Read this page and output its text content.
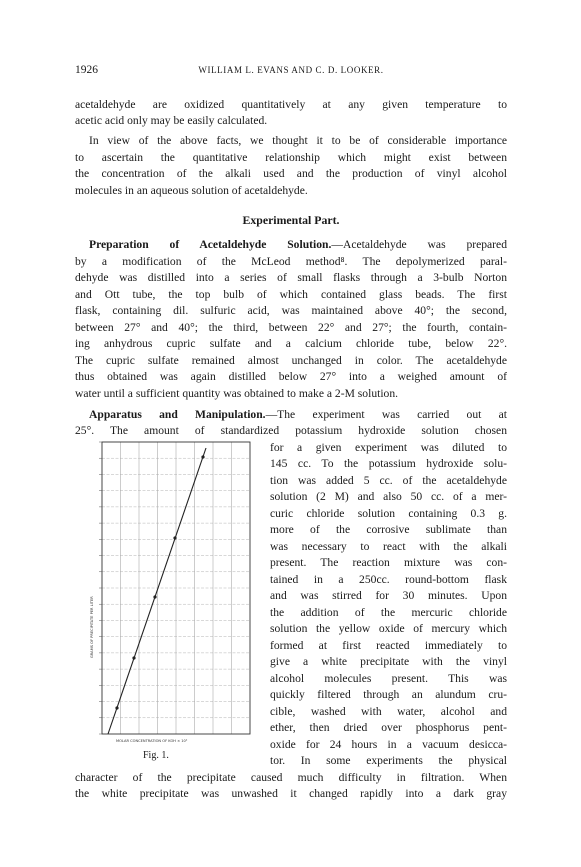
1926	WILLIAM L. EVANS AND C. D. LOOKER.
acetaldehyde are oxidized quantitatively at any given temperature to
acetic acid only may be easily calculated.
In view of the above facts, we thought it to be of considerable importance
to ascertain the quantitative relationship which might exist between
the concentration of the alkali used and the production of vinyl alcohol
molecules in an aqueous solution of acetaldehyde.
Experimental Part.
Preparation of Acetaldehyde Solution.—Acetaldehyde was prepared
by a modification of the McLeod method⁸. The depolymerized paral-
dehyde was distilled into a series of small flasks through a 3-bulb Norton
and Ott tube, the top bulb of which contained glass beads. The first
flask, containing dil. sulfuric acid, was maintained above 40°; the second,
between 27° and 40°; the third, between 22° and 27°; the fourth, contain-
ing anhydrous cupric sulfate and a calcium chloride tube, below 22°.
The cupric sulfate remained almost unchanged in color. The acetaldehyde
thus obtained was again distilled below 27° into a weighed amount of
water until a sufficient quantity was obtained to make a 2-M solution.
Apparatus and Manipulation.—The experiment was carried out at
25°. The amount of standardized potassium hydroxide solution chosen
for a given experiment was diluted to
145 cc. To the potassium hydroxide solu-
tion was added 5 cc. of the acetaldehyde
solution (2 M) and also 50 cc. of a mer-
curic chloride solution containing 0.3 g.
more of the corrosive sublimate than
was necessary to react with the alkali
present. The reaction mixture was con-
tained in a 250cc. round-bottom flask
and was stirred for 30 minutes. Upon
the addition of the mercuric chloride
solution the yellow oxide of mercury which
formed at first reacted immediately to
give a white precipitate with the vinyl
alcohol molecules present. This was
quickly filtered through an alundum cru-
cible, washed with water, alcohol and
ether, then dried over phosphorus pent-
oxide for 24 hours in a vacuum desicca-
tor. In some experiments the physical
character of the precipitate caused much difficulty in filtration. When
the white precipitate was unwashed it changed rapidly into a dark gray
GRAMS OF PRECIPITATE PER LITER
MOLAR CONCENTRATION OF KOH × 10²
Fig. 1.
